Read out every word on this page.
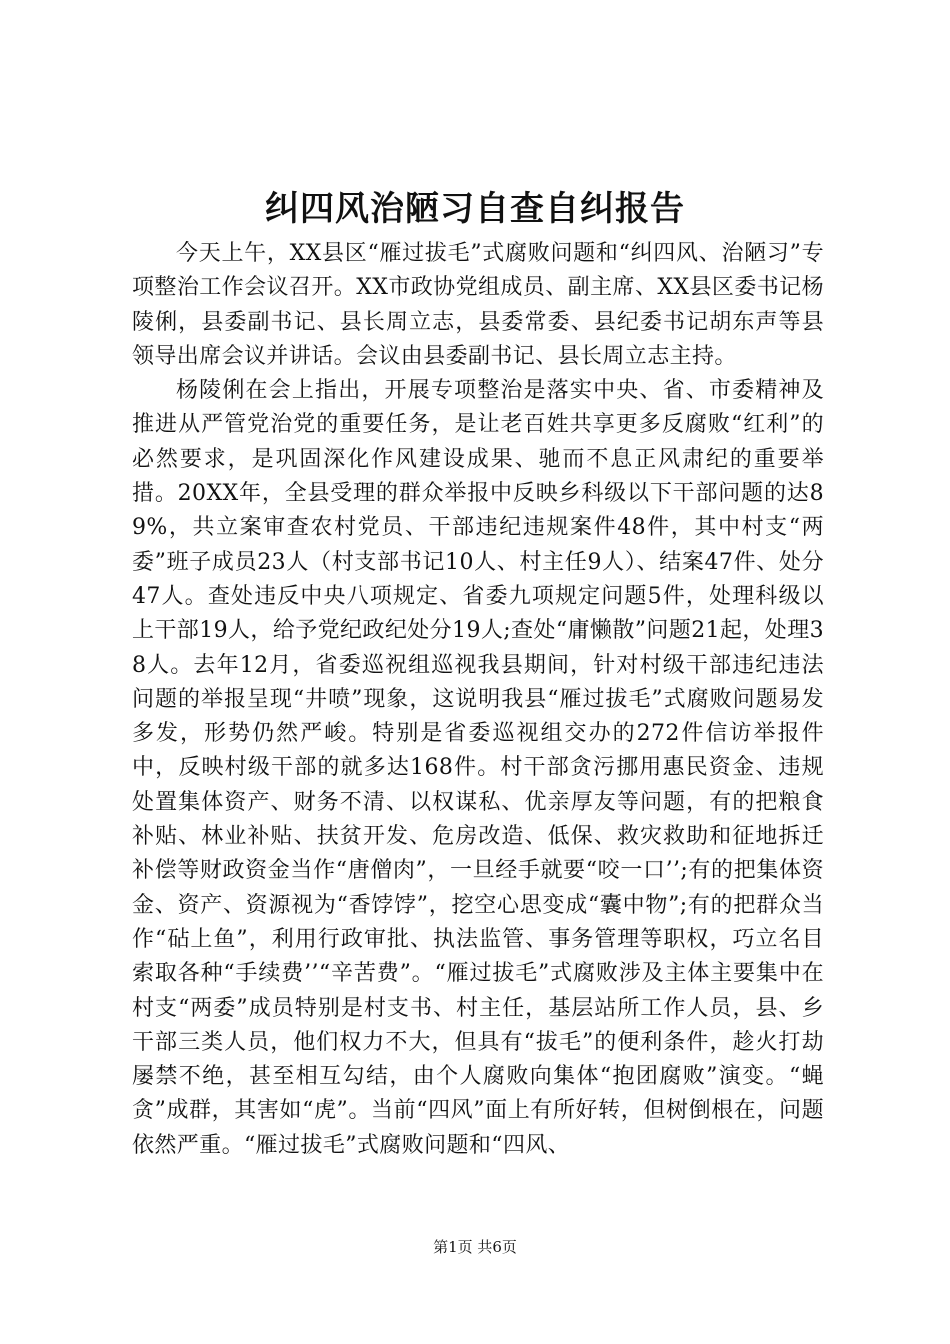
纠四风治陋习自查自纠报告

今天上午，XX县区“雁过拔毛”式腐败问题和“纠四风、治陋习”专项整治工作会议召开。XX市政协党组成员、副主席、XX县区委书记杨陵俐，县委副书记、县长周立志，县委常委、县纪委书记胡东声等县领导出席会议并讲话。会议由县委副书记、县长周立志主持。

杨陵俐在会上指出，开展专项整治是落实中央、省、市委精神及推进从严管党治党的重要任务，是让老百姓共享更多反腐败“红利”的必然要求，是巩固深化作风建设成果、驰而不息正风肃纪的重要举措。20XX年，全县受理的群众举报中反映乡科级以下干部问题的达89%，共立案审查农村党员、干部违纪违规案件48件，其中村支“两委”班子成员23人（村支部书记10人、村主任9人）、结案47件、处分47人。查处违反中央八项规定、省委九项规定问题5件，处理科级以上干部19人，给予党纪政纪处分19人;查处“庸懒散”问题21起，处理38人。去年12月，省委巡祝组巡视我县期间，针对村级干部违纪违法问题的举报呈现“井喷”现象，这说明我县“雁过拔毛”式腐败问题易发多发，形势仍然严峻。特别是省委巡视组交办的272件信访举报件中，反映村级干部的就多达168件。村干部贪污挪用惠民资金、违规处置集体资产、财务不清、以权谋私、优亲厚友等问题，有的把粮食补贴、林业补贴、扶贫开发、危房改造、低保、救灾救助和征地拆迁补偿等财政资金当作“唐僧肉”，一旦经手就要“咬一口’’;有的把集体资金、资产、资源视为“香饽饽”，挖空心思变成“囊中物”;有的把群众当作“砧上鱼”，利用行政审批、执法监管、事务管理等职权，巧立名目索取各种“手续费’’“辛苦费”。“雁过拔毛”式腐败涉及主体主要集中在村支“两委”成员特别是村支书、村主任，基层站所工作人员，县、乡干部三类人员，他们权力不大，但具有“拔毛”的便利条件，趁火打劫屡禁不绝，甚至相互勾结，由个人腐败向集体“抱团腐败”演变。“蝇贪”成群，其害如“虎”。当前“四风”面上有所好转，但树倒根在，问题依然严重。“雁过拔毛”式腐败问题和“四风、

第1页 共6页
